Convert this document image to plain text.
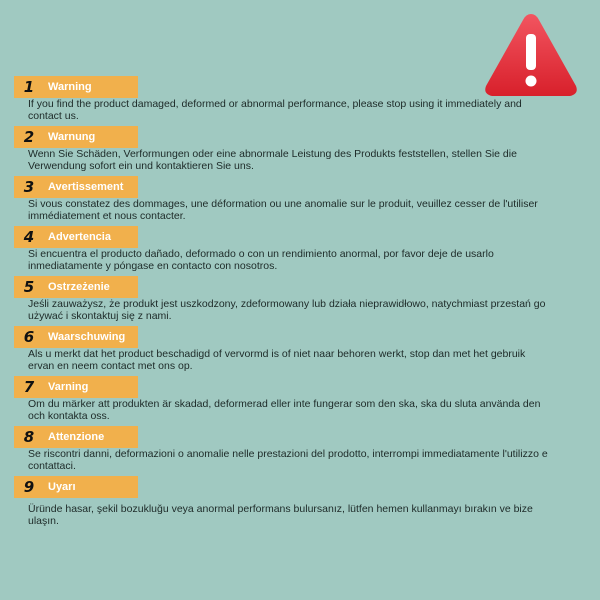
1	Warning
If you find the product damaged, deformed or abnormal performance, please stop using it immediately and contact us.
2	Warnung
Wenn Sie Schäden, Verformungen oder eine abnormale Leistung des Produkts feststellen, stellen Sie die Verwendung sofort ein und kontaktieren Sie uns.
3	Avertissement
Si vous constatez des dommages, une déformation ou une anomalie sur le produit, veuillez cesser de l'utiliser immédiatement et nous contacter.
4	Advertencia
Si encuentra el producto dañado, deformado o con un rendimiento anormal, por favor deje de usarlo inmediatamente y póngase en contacto con nosotros.
5	Ostrzeżenie
Jeśli zauważysz, że produkt jest uszkodzony, zdeformowany lub działa nieprawidłowo, natychmiast przestań go używać i skontaktuj się z nami.
6	Waarschuwing
Als u merkt dat het product beschadigd of vervormd is of niet naar behoren werkt, stop dan met het gebruik ervan en neem contact met ons op.
7	Varning
Om du märker att produkten är skadad, deformerad eller inte fungerar som den ska, ska du sluta använda den och kontakta oss.
8	Attenzione
Se riscontri danni, deformazioni o anomalie nelle prestazioni del prodotto, interrompi immediatamente l'utilizzo e contattaci.
9	Uyarı
Üründe hasar, şekil bozukluğu veya anormal performans bulursanız, lütfen hemen kullanmayı bırakın ve bize ulaşın.
